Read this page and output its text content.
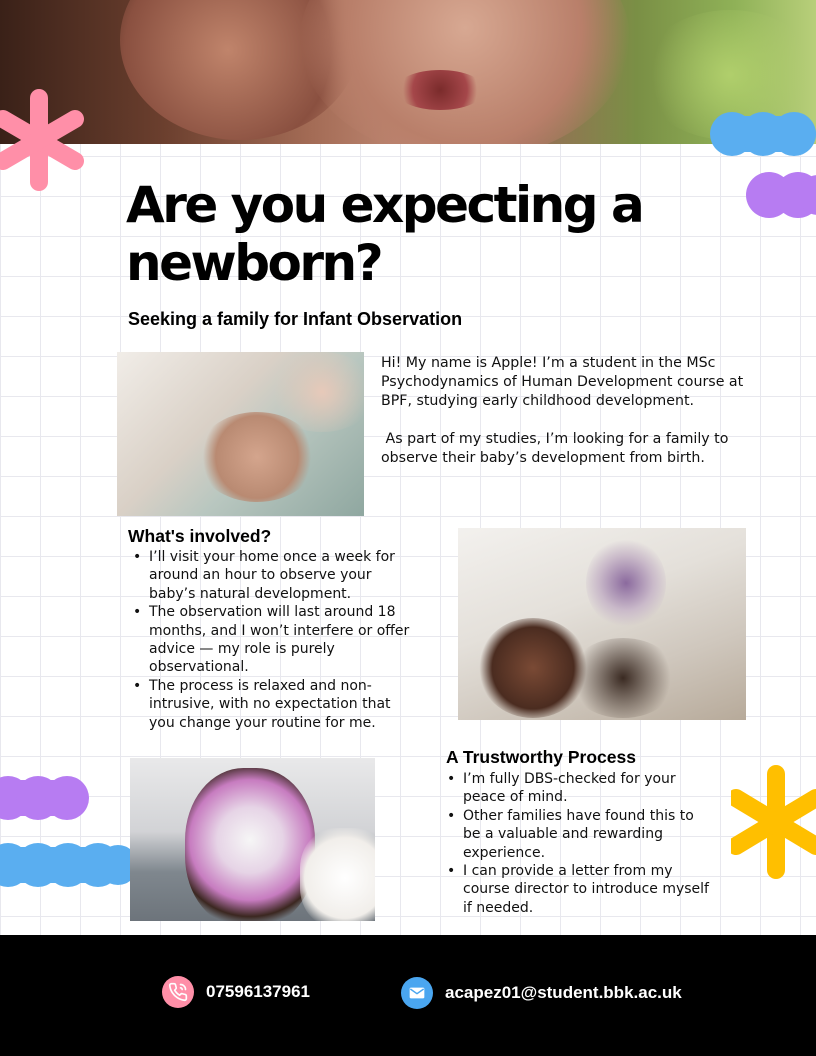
Are you expecting a newborn?
Seeking a family for Infant Observation

Hi! My name is Apple! I’m a student in the MSc Psychodynamics of Human Development course at BPF, studying early childhood development.

As part of my studies, I’m looking for a family to observe their baby’s development from birth.

What's involved?
• I’ll visit your home once a week for around an hour to observe your baby’s natural development.
• The observation will last around 18 months, and I won’t interfere or offer advice — my role is purely observational.
• The process is relaxed and non-intrusive, with no expectation that you change your routine for me.
A Trustworthy Process
• I’m fully DBS-checked for your peace of mind.
• Other families have found this to be a valuable and rewarding experience.
• I can provide a letter from my course director to introduce myself if needed.
07596137961	acapez01@student.bbk.ac.uk
